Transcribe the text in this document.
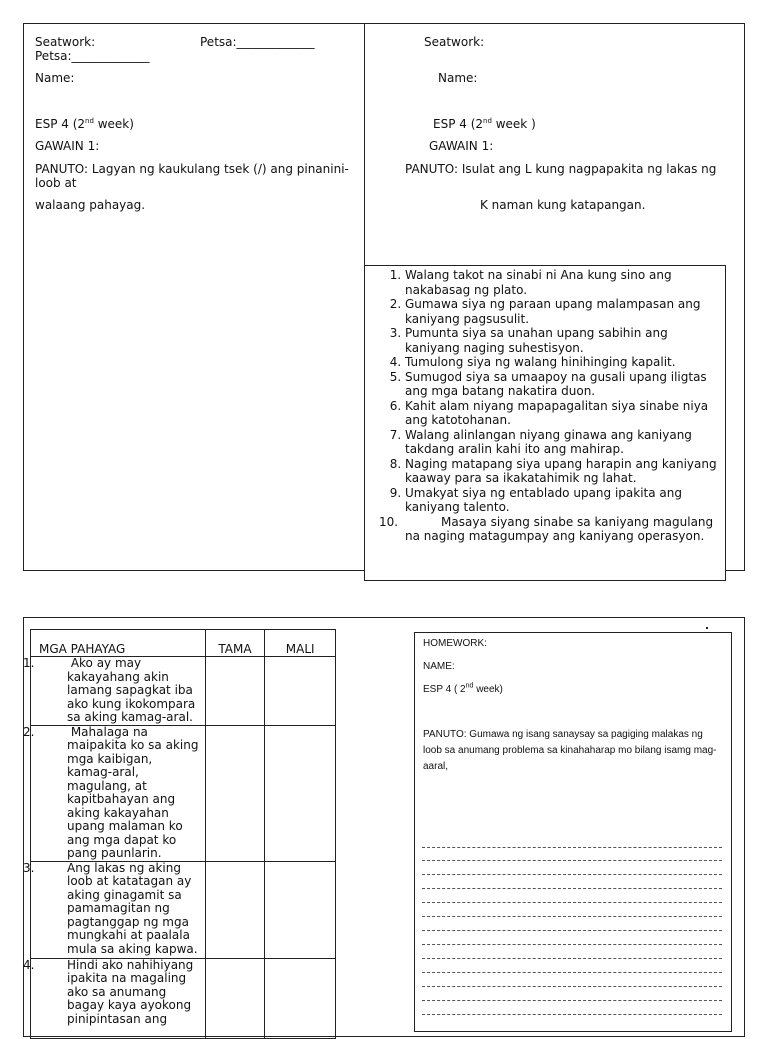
Seatwork:	Petsa:_____________
Petsa:_____________
Name:
ESP 4 (2nd week)
GAWAIN 1:
PANUTO: Lagyan ng kaukulang tsek (/) ang pinanini-loob at
walaang pahayag.
Seatwork:
Name:
ESP 4 (2nd week )
GAWAIN 1:
PANUTO: Isulat ang L kung nagpapakita ng lakas ng
K naman kung katapangan.
1. Walang takot na sinabi ni Ana kung sino ang nakabasag ng plato.
2. Gumawa siya ng paraan upang malampasan ang kaniyang pagsusulit.
3. Pumunta siya sa unahan upang sabihin ang kaniyang naging suhestisyon.
4. Tumulong siya ng walang hinihinging kapalit.
5. Sumugod siya sa umaapoy na gusali upang iligtas ang mga batang nakatira duon.
6. Kahit alam niyang mapapagalitan siya sinabe niya ang katotohanan.
7. Walang alinlangan niyang ginawa ang kaniyang takdang aralin kahi ito ang mahirap.
8. Naging matapang siya upang harapin ang kaniyang kaaway para sa ikakatahimik ng lahat.
9. Umakyat siya ng entablado upang ipakita ang kaniyang talento.
10.	Masaya siyang sinabe sa kaniyang magulang na naging matagumpay ang kaniyang operasyon.
MGA PAHAYAG	TAMA	MALI

1. Ako ay may kakayahang akin lamang sapagkat iba ako kung ikokompara sa aking kamag-aral.		

2. Mahalaga na maipakita ko sa aking mga kaibigan, kamag-aral, magulang, at kapitbahayan ang aking kakayahan upang malaman ko ang mga dapat ko pang paunlarin.		

3. Ang lakas ng aking loob at katatagan ay aking ginagamit sa pamamagitan ng pagtanggap ng mga mungkahi at paalala mula sa aking kapwa.		

4. Hindi ako nahihiyang ipakita na magaling ako sa anumang bagay kaya ayokong pinipintasan ang		

HOMEWORK:
NAME:
ESP 4 ( 2nd week)
PANUTO: Gumawa ng isang sanaysay sa pagiging malakas ng loob sa anumang problema sa kinahaharap mo bilang isamg mag-aaral,
